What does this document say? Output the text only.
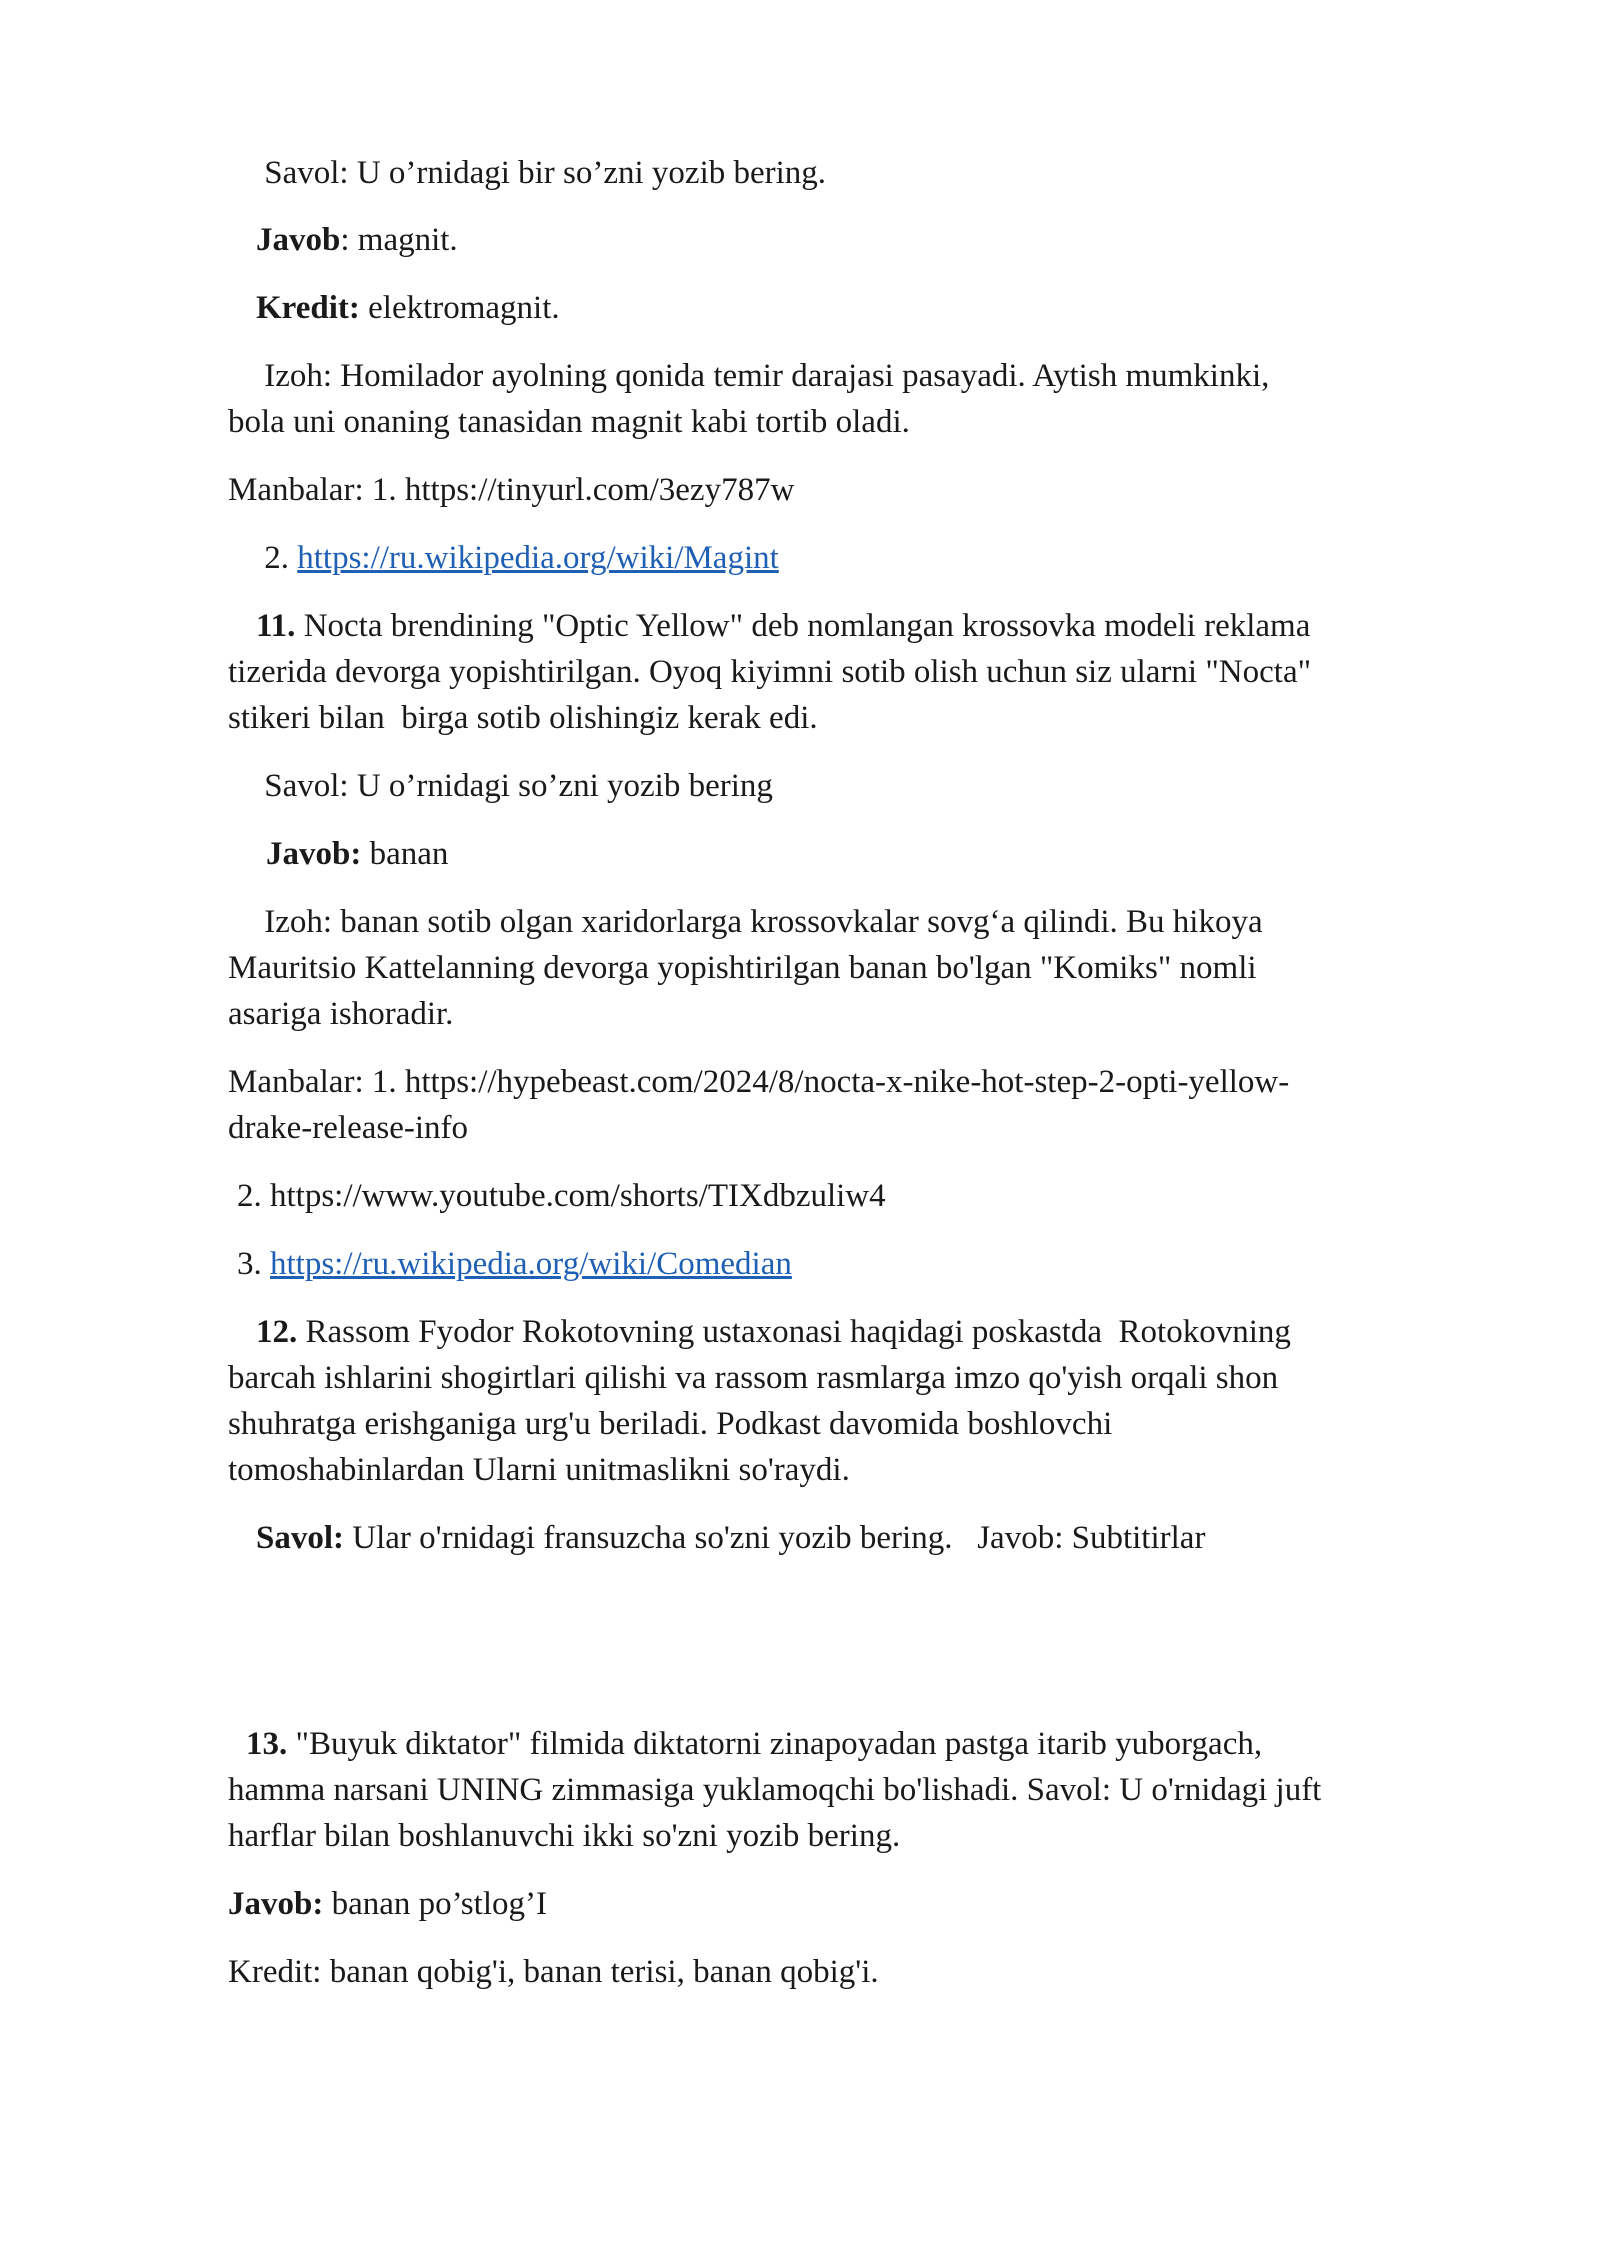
Savol: U o’rnidagi bir so’zni yozib bering.

Javob: magnit.

Kredit: elektromagnit.

Izoh: Homilador ayolning qonida temir darajasi pasayadi. Aytish mumkinki,

bola uni onaning tanasidan magnit kabi tortib oladi.

Manbalar: 1. https://tinyurl.com/3ezy787w

2. https://ru.wikipedia.org/wiki/Magint

11. Nocta brendining "Optic Yellow" deb nomlangan krossovka modeli reklama

tizerida devorga yopishtirilgan. Oyoq kiyimni sotib olish uchun siz ularni "Nocta"

stikeri bilan  birga sotib olishingiz kerak edi.

Savol: U o’rnidagi so’zni yozib bering

Javob: banan

Izoh: banan sotib olgan xaridorlarga krossovkalar sovg‘a qilindi. Bu hikoya

Mauritsio Kattelanning devorga yopishtirilgan banan bo'lgan "Komiks" nomli

asariga ishoradir.

Manbalar: 1. https://hypebeast.com/2024/8/nocta-x-nike-hot-step-2-opti-yellow-

drake-release-info

2. https://www.youtube.com/shorts/TIXdbzuliw4

3. https://ru.wikipedia.org/wiki/Comedian

12. Rassom Fyodor Rokotovning ustaxonasi haqidagi poskastda  Rotokovning

barcah ishlarini shogirtlari qilishi va rassom rasmlarga imzo qo'yish orqali shon

shuhratga erishganiga urg'u beriladi. Podkast davomida boshlovchi

tomoshabinlardan Ularni unitmaslikni so'raydi.

Savol: Ular o'rnidagi fransuzcha so'zni yozib bering.   Javob: Subtitirlar

13. "Buyuk diktator" filmida diktatorni zinapoyadan pastga itarib yuborgach,

hamma narsani UNING zimmasiga yuklamoqchi bo'lishadi. Savol: U o'rnidagi juft

harflar bilan boshlanuvchi ikki so'zni yozib bering.

Javob: banan po’stlog’I

Kredit: banan qobig'i, banan terisi, banan qobig'i.
